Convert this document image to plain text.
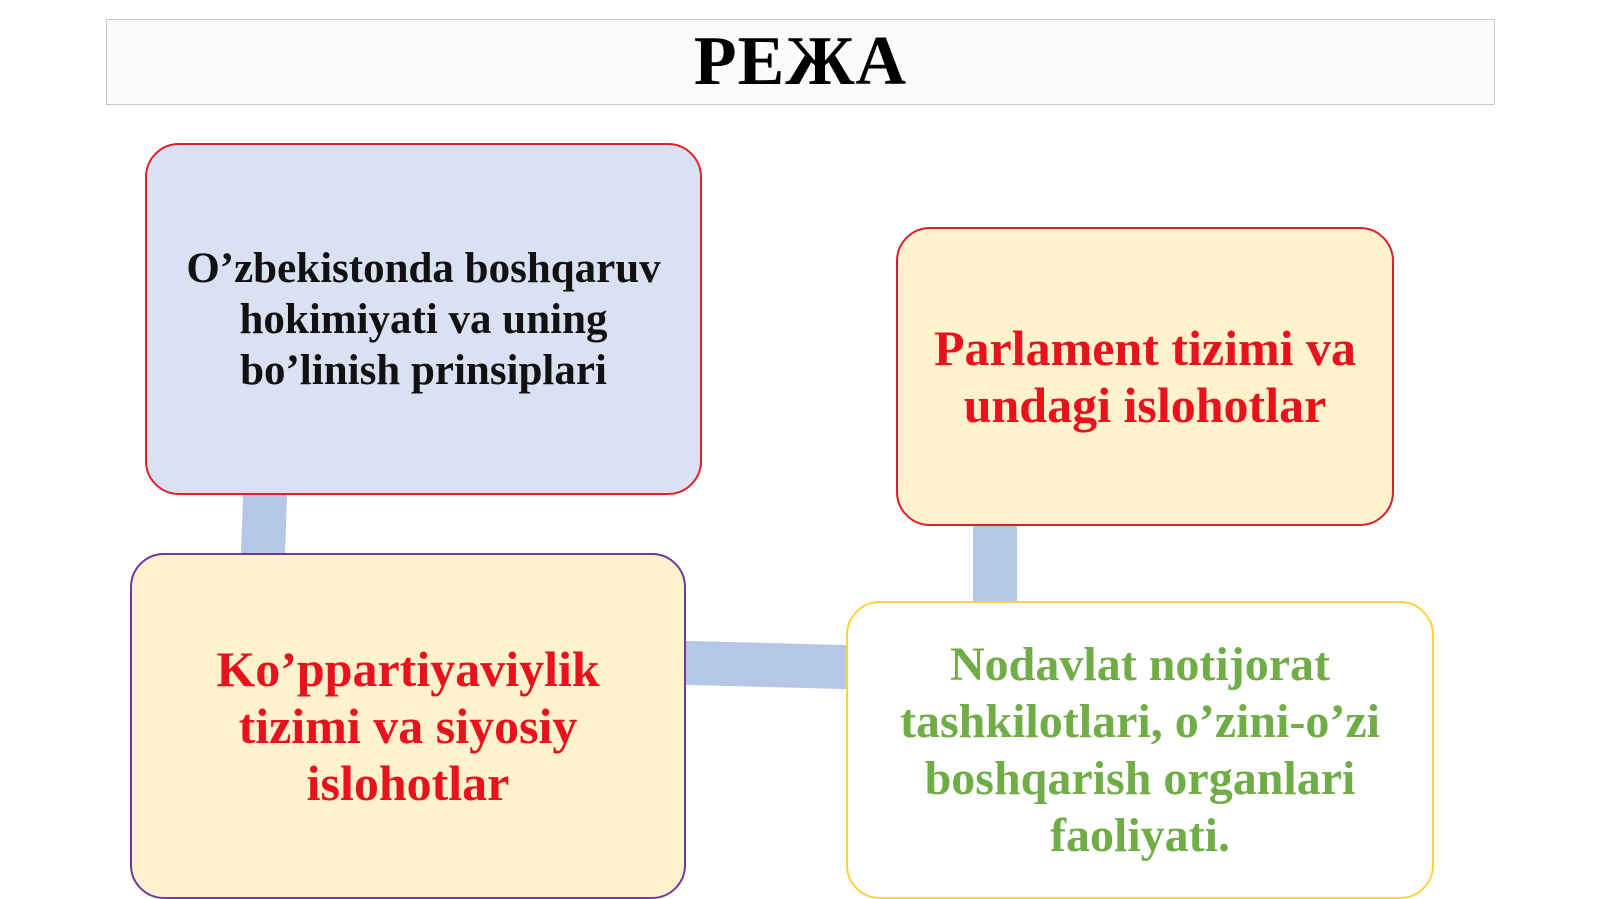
РЕЖА
O’zbekistonda boshqaruv hokimiyati va uning bo’linish prinsiplari	Parlament tizimi va undagi islohotlar
Ko’ppartiyaviylik tizimi va siyosiy islohotlar
Nodavlat notijorat tashkilotlari, o’zini-o’zi boshqarish organlari faoliyati.
